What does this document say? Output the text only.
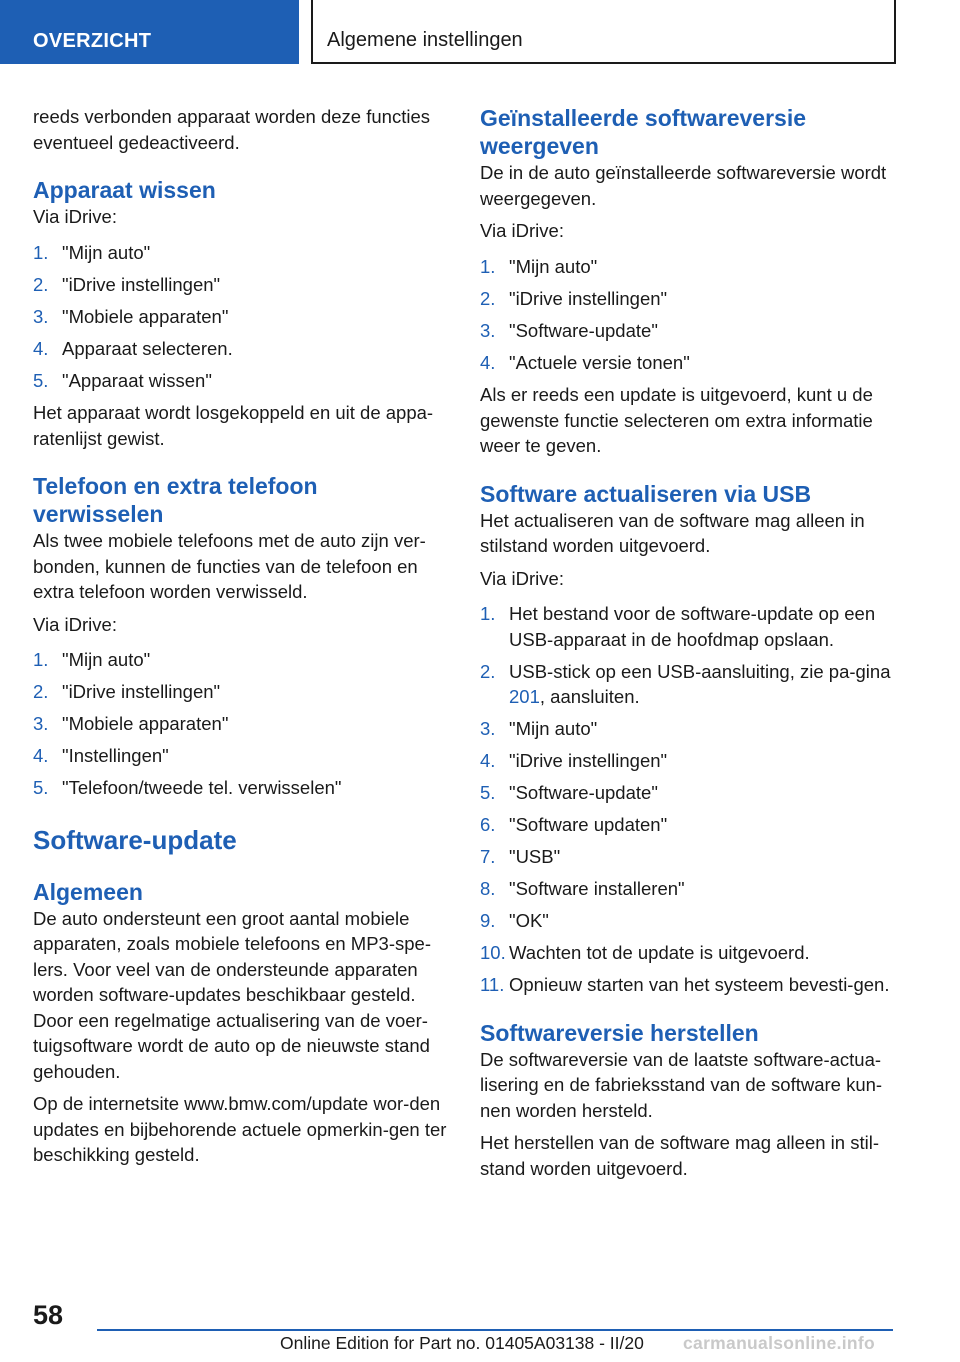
OVERZICHT	Algemene instellingen

reeds verbonden apparaat worden deze functies eventueel gedeactiveerd.

Apparaat wissen

Via iDrive:

1. "Mijn auto"
2. "iDrive instellingen"
3. "Mobiele apparaten"
4. Apparaat selecteren.
5. "Apparaat wissen"

Het apparaat wordt losgekoppeld en uit de appa-ratenlijst gewist.

Telefoon en extra telefoon verwisselen

Als twee mobiele telefoons met de auto zijn ver-bonden, kunnen de functies van de telefoon en extra telefoon worden verwisseld.

Via iDrive:

1. "Mijn auto"
2. "iDrive instellingen"
3. "Mobiele apparaten"
4. "Instellingen"
5. "Telefoon/tweede tel. verwisselen"
Software-update
Algemeen

De auto ondersteunt een groot aantal mobiele apparaten, zoals mobiele telefoons en MP3-spe-lers. Voor veel van de ondersteunde apparaten worden software-updates beschikbaar gesteld. Door een regelmatige actualisering van de voer-tuigsoftware wordt de auto op de nieuwste stand gehouden.

Op de internetsite www.bmw.com/update wor-den updates en bijbehorende actuele opmerkin-gen ter beschikking gesteld.

Geïnstalleerde softwareversie weergeven

De in de auto geïnstalleerde softwareversie wordt weergegeven.

Via iDrive:

1. "Mijn auto"
2. "iDrive instellingen"
3. "Software-update"
4. "Actuele versie tonen"

Als er reeds een update is uitgevoerd, kunt u de gewenste functie selecteren om extra informatie weer te geven.

Software actualiseren via USB

Het actualiseren van de software mag alleen in stilstand worden uitgevoerd.

Via iDrive:

1. Het bestand voor de software-update op een USB-apparaat in de hoofdmap opslaan.
2. USB-stick op een USB-aansluiting, zie pa-gina 201, aansluiten.
3. "Mijn auto"
4. "iDrive instellingen"
5. "Software-update"
6. "Software updaten"
7. "USB"
8. "Software installeren"
9. "OK"
10. Wachten tot de update is uitgevoerd.
11. Opnieuw starten van het systeem bevesti-gen.
Softwareversie herstellen

De softwareversie van de laatste software-actua-lisering en de fabrieksstand van de software kun-nen worden hersteld.

Het herstellen van de software mag alleen in stil-stand worden uitgevoerd.

58
Online Edition for Part no. 01405A03138 - II/20 carmanualsonline.info
